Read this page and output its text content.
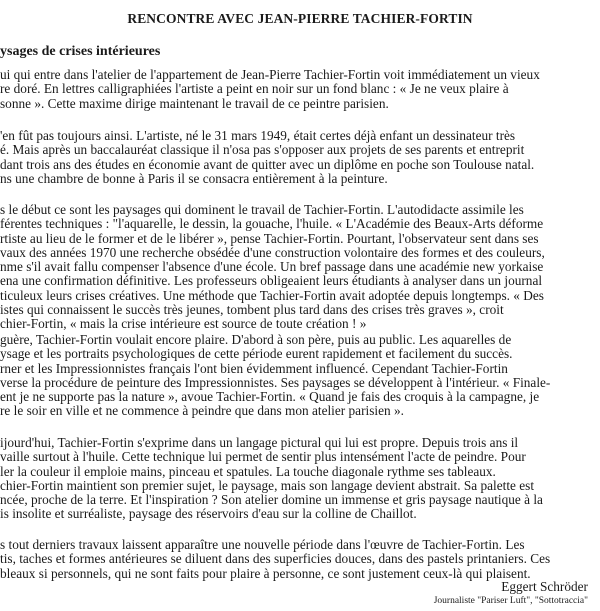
RENCONTRE AVEC JEAN-PIERRE TACHIER-FORTIN
ysages de crises intérieures
ui qui entre dans l'atelier de l'appartement de Jean-Pierre Tachier-Fortin voit immédiatement un vieux
re doré. En lettres calligraphiées l'artiste a peint en noir sur un fond blanc : « Je ne veux plaire à
sonne ». Cette maxime dirige maintenant le travail de ce peintre parisien.
'en fût pas toujours ainsi. L'artiste, né le 31 mars 1949, était certes déjà enfant un dessinateur très
é. Mais après un baccalauréat classique il n'osa pas s'opposer aux projets de ses parents et entreprit
dant trois ans des études en économie avant de quitter avec un diplôme en poche son Toulouse natal.
ns une chambre de bonne à Paris il se consacra entièrement à la peinture.
s le début ce sont les paysages qui dominent le travail de Tachier-Fortin. L'autodidacte assimile les
férentes techniques : "l'aquarelle, le dessin, la gouache, l'huile. « L'Académie des Beaux-Arts déforme
rtiste au lieu de le former et de le libérer », pense Tachier-Fortin. Pourtant, l'observateur sent dans ses
vaux des années 1970 une recherche obsédée d'une construction volontaire des formes et des couleurs,
nme s'il avait fallu compenser l'absence d'une école. Un bref passage dans une académie new yorkaise
ena une confirmation définitive. Les professeurs obligeaient leurs étudiants à analyser dans un journal
ticuleux leurs crises créatives. Une méthode que Tachier-Fortin avait adoptée depuis longtemps. « Des
istes qui connaissent le succès très jeunes, tombent plus tard dans des crises très graves », croit
chier-Fortin, « mais la crise intérieure est source de toute création ! »
guère, Tachier-Fortin voulait encore plaire. D'abord à son père, puis au public. Les aquarelles de
ysage et les portraits psychologiques de cette période eurent rapidement et facilement du succès.
rner et les Impressionnistes français l'ont bien évidemment influencé. Cependant Tachier-Fortin
verse la procédure de peinture des Impressionnistes. Ses paysages se développent à l'intérieur. « Finale-
ent je ne supporte pas la nature », avoue Tachier-Fortin. « Quand je fais des croquis à la campagne, je
re le soir en ville et ne commence à peindre que dans mon atelier parisien ».
ijourd'hui, Tachier-Fortin s'exprime dans un langage pictural qui lui est propre. Depuis trois ans il
vaille surtout à l'huile. Cette technique lui permet de sentir plus intensément l'acte de peindre. Pour
ler la couleur il emploie mains, pinceau et spatules. La touche diagonale rythme ses tableaux.
chier-Fortin maintient son premier sujet, le paysage, mais son langage devient abstrait. Sa palette est
ncée, proche de la terre. Et l'inspiration ? Son atelier domine un immense et gris paysage nautique à la
is insolite et surréaliste, paysage des réservoirs d'eau sur la colline de Chaillot.
s tout derniers travaux laissent apparaître une nouvelle période dans l'œuvre de Tachier-Fortin. Les
tis, taches et formes antérieures se diluent dans des superficies douces, dans des pastels printaniers. Ces
bleaux si personnels, qui ne sont faits pour plaire à personne, ce sont justement ceux-là qui plaisent.
Eggert Schröder
Journaliste "Pariser Luft", "Sottotraccia"
